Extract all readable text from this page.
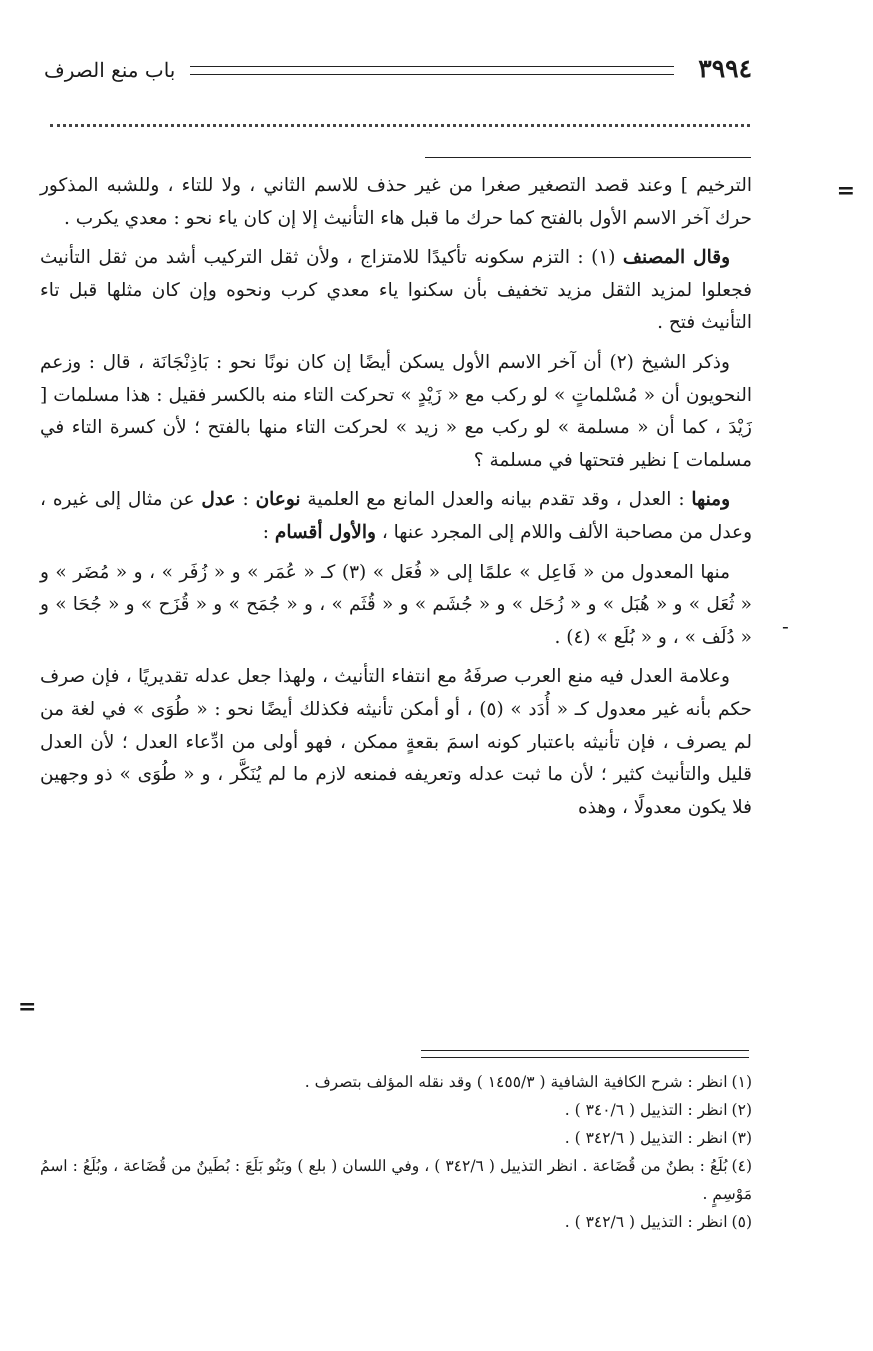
٣٩٩٤
باب منع الصرف
=
-

الترخيم ] وعند قصد التصغير صغرا من غير حذف للاسم الثاني ، ولا للتاء ، وللشبه المذكور حرك آخر الاسم الأول بالفتح كما حرك ما قبل هاء التأنيث إلا إن كان ياء نحو : معدي يكرب .

وقال المصنف (١) : التزم سكونه تأكيدًا للامتزاج ، ولأن ثقل التركيب أشد من ثقل التأنيث فجعلوا لمزيد الثقل مزيد تخفيف بأن سكنوا ياء معدي كرب ونحوه وإن كان مثلها قبل تاء التأنيث فتح .

وذكر الشيخ (٢) أن آخر الاسم الأول يسكن أيضًا إن كان نونًا نحو : بَاذِنْجَانَة ، قال : وزعم النحويون أن « مُسْلماتٍ » لو ركب مع « زَيْدٍ » تحركت التاء منه بالكسر فقيل : هذا مسلمات [ زَيْدَ ، كما أن « مسلمة » لو ركب مع « زيد » لحركت التاء منها بالفتح ؛ لأن كسرة التاء في مسلمات ] نظير فتحتها في مسلمة ؟

ومنها : العدل ، وقد تقدم بيانه والعدل المانع مع العلمية نوعان : عدل عن مثال إلى غيره ، وعدل من مصاحبة الألف واللام إلى المجرد عنها ، والأول أقسام :

منها المعدول من « فَاعِل » علمًا إلى « فُعَل » (٣) كـ « عُمَر » و « زُفَر » ، و « مُضَر » و « ثُعَل » و « هُبَل » و « زُحَل » و « جُشَم » و « قُثَم » ، و « جُمَح » و « قُزَح » و « جُحَا » و « دُلَف » ، و « بُلَع » (٤) .

وعلامة العدل فيه منع العرب صرفَهُ مع انتفاء التأنيث ، ولهذا جعل عدله تقديريًا ، فإن صرف حكم بأنه غير معدول كـ « أُدَد » (٥) ، أو أمكن تأنيثه فكذلك أيضًا نحو : « طُوَى » في لغة من لم يصرف ، فإن تأنيثه باعتبار كونه اسمَ بقعةٍ ممكن ، فهو أولى من ادِّعاء العدل ؛ لأن العدل قليل والتأنيث كثير ؛ لأن ما ثبت عدله وتعريفه فمنعه لازم ما لم يُنَكَّر ، و « طُوَى » ذو وجهين فلا يكون معدولًا ، وهذه

=

(١)انظر : شرح الكافية الشافية ( ١٤٥٥/٣ ) وقد نقله المؤلف بتصرف .

(٢)انظر : التذييل ( ٣٤٠/٦ ) .

(٣)انظر : التذييل ( ٣٤٢/٦ ) .

(٤)بُلَعُ : بطنٌ من قُضَاعة . انظر التذييل ( ٣٤٢/٦ ) ، وفي اللسان ( بلع ) وبَنُو بَلَعَ : بُطَينٌ من قُضَاعة ، وبُلَعُ : اسمُ مَوْسِمٍ .

(٥)انظر : التذييل ( ٣٤٢/٦ ) .
